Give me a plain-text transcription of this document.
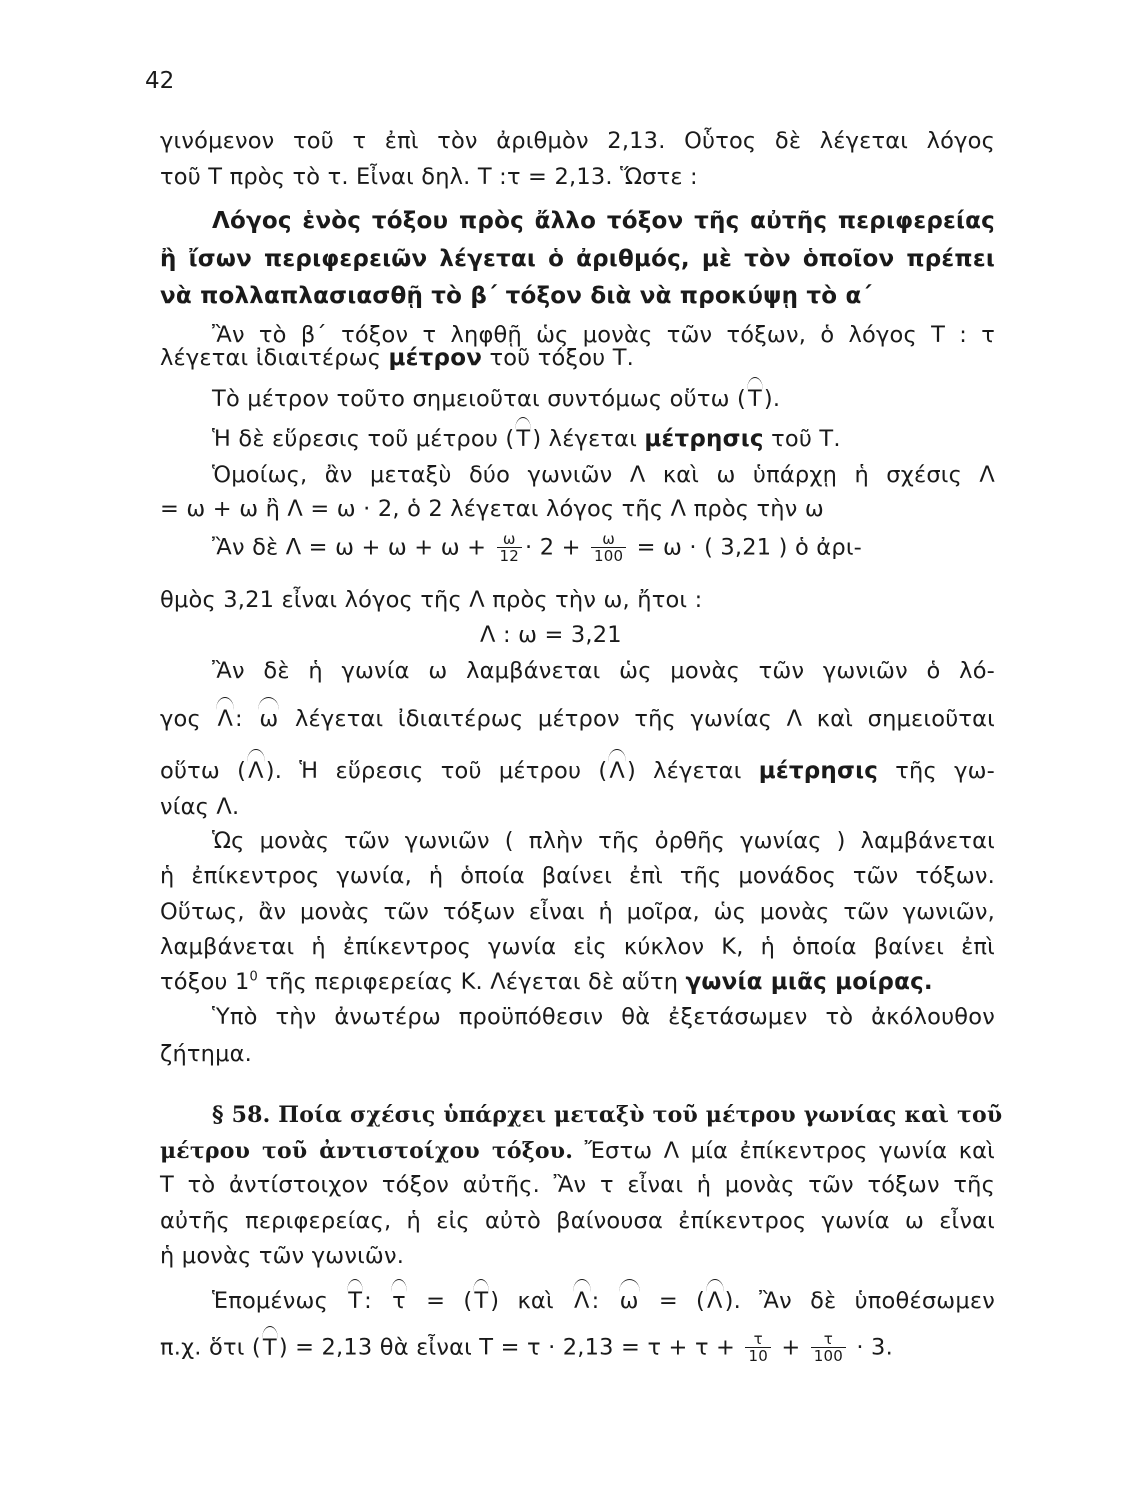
42
γινόμενον τοῦ τ ἐπὶ τὸν ἀριθμὸν 2,13. Οὗτος δὲ λέγεται λόγος
τοῦ Τ πρὸς τὸ τ. Εἶναι δηλ. Τ :τ = 2,13. Ὥστε :
Λόγος ἑνὸς τόξου πρὸς ἄλλο τόξον τῆς αὐτῆς περιφερείας
ἢ ἴσων περιφερειῶν λέγεται ὁ ἀριθμός, μὲ τὸν ὁποῖον πρέπει
νὰ πολλαπλασιασθῇ τὸ β΄ τόξον διὰ νὰ προκύψῃ τὸ α΄
Ἂν τὸ β΄ τόξον τ ληφθῇ ὡς μονὰς τῶν τόξων, ὁ λόγος Τ : τ
λέγεται ἰδιαιτέρως μέτρον τοῦ τόξου Τ.
Τὸ μέτρον τοῦτο σημειοῦται συντόμως οὕτω (Τ).
Ἡ δὲ εὕρεσις τοῦ μέτρου (Τ) λέγεται μέτρησις τοῦ Τ.
Ὁμοίως, ἂν μεταξὺ δύο γωνιῶν Λ καὶ ω ὑπάρχῃ ἡ σχέσις Λ
= ω + ω ἢ Λ = ω · 2, ὁ 2 λέγεται λόγος τῆς Λ πρὸς τὴν ω
Ἂν δὲ $\Lambda = \omega + \omega + \omega + \frac{\omega}{12} \cdot 2 + \frac{\omega}{100} = \omega$ · ( 3,21 ) ὁ ἀρι-
θμὸς 3,21 εἶναι λόγος τῆς Λ πρὸς τὴν ω, ἤτοι :
Λ : ω = 3,21
Ἂν δὲ ἡ γωνία ω λαμβάνεται ὡς μονὰς τῶν γωνιῶν ὁ λό-
γος Λ: ω λέγεται ἰδιαιτέρως μέτρον τῆς γωνίας Λ καὶ σημειοῦται
οὕτω (Λ). Ἡ εὕρεσις τοῦ μέτρου (Λ) λέγεται μέτρησις τῆς γω-
νίας Λ.
Ὡς μονὰς τῶν γωνιῶν ( πλὴν τῆς ὀρθῆς γωνίας ) λαμβάνεται
ἡ ἐπίκεντρος γωνία, ἡ ὁποία βαίνει ἐπὶ τῆς μονάδος τῶν τόξων.
Οὕτως, ἂν μονὰς τῶν τόξων εἶναι ἡ μοῖρα, ὡς μονὰς τῶν γωνιῶν,
λαμβάνεται ἡ ἐπίκεντρος γωνία εἰς κύκλον Κ, ἡ ὁποία βαίνει ἐπὶ
τόξου $1^0$ τῆς περιφερείας Κ. Λέγεται δὲ αὕτη γωνία μιᾶς μοίρας.
Ὑπὸ τὴν ἀνωτέρω προϋπόθεσιν θὰ ἐξετάσωμεν τὸ ἀκόλουθον
ζήτημα.
§ 58. Ποία σχέσις ὑπάρχει μεταξὺ τοῦ μέτρου γωνίας καὶ τοῦ
μέτρου τοῦ ἀντιστοίχου τόξου. Ἔστω Λ μία ἐπίκεντρος γωνία καὶ
Τ τὸ ἀντίστοιχον τόξον αὐτῆς. Ἂν τ εἶναι ἡ μονὰς τῶν τόξων τῆς
αὐτῆς περιφερείας, ἡ εἰς αὐτὸ βαίνουσα ἐπίκεντρος γωνία ω εἶναι
ἡ μονὰς τῶν γωνιῶν.
Ἑπομένως Τ: τ = (Τ) καὶ Λ: ω = (Λ). Ἂν δὲ ὑποθέσωμεν
π.χ. ὅτι (Τ) = 2,13 θὰ εἶναι $T = \tau \cdot 2,13 = \tau + \tau + \frac{\tau}{10} + \frac{\tau}{100} \cdot 3$.
